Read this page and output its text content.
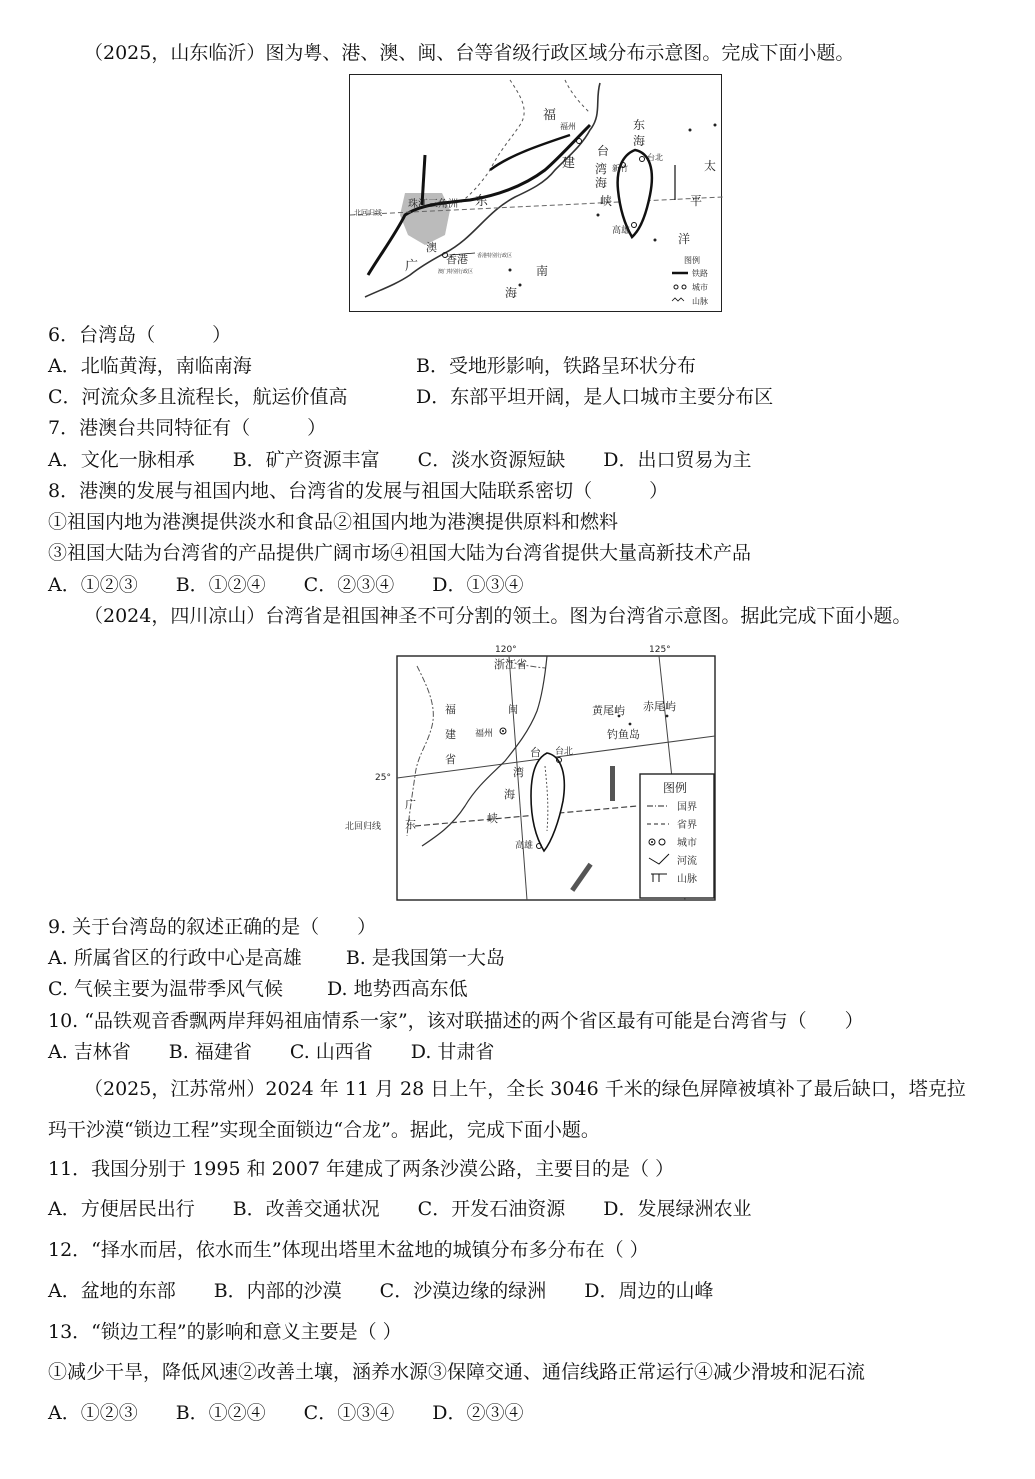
（2025，山东临沂）图为粤、港、澳、闽、台等省级行政区域分布示意图。完成下面小题。
福
建
福州
广
东
珠江三角洲
北回归线
澳
澳门特别行政区
香港 香港特别行政区
东
海
台
湾
海
峡
新竹
台北
高雄
太
平
洋
南
海
图例
铁路
城市
山脉
6．台湾岛（　　　）
A．北临黄海，南临南海	B．受地形影响，铁路呈环状分布
C．河流众多且流程长，航运价值高	D．东部平坦开阔，是人口城市主要分布区
7．港澳台共同特征有（　　　）
A．文化一脉相承　　B．矿产资源丰富　　C．淡水资源短缺　　D．出口贸易为主
8．港澳的发展与祖国内地、台湾省的发展与祖国大陆联系密切（　　　）
①祖国内地为港澳提供淡水和食品②祖国内地为港澳提供原料和燃料
③祖国大陆为台湾省的产品提供广阔市场④祖国大陆为台湾省提供大量高新技术产品
A．①②③　　B．①②④　　C．②③④　　D．①③④
（2024，四川凉山）台湾省是祖国神圣不可分割的领土。图为台湾省示意图。据此完成下面小题。
120°	125°
浙江省
福
建
省
福州
闽
广
东
北回归线
25°
黄尾屿 赤尾屿
钓鱼岛
台
湾
海
峡
台北
高雄
图例
国界
省界
城市
河流
山脉
9. 关于台湾岛的叙述正确的是（　　）
A. 所属省区的行政中心是高雄　　 B. 是我国第一大岛
C. 气候主要为温带季风气候　　 D. 地势西高东低
10. “品铁观音香飘两岸拜妈祖庙情系一家”，该对联描述的两个省区最有可能是台湾省与（　　）
A. 吉林省　　B. 福建省　　C. 山西省　　D. 甘肃省
（2025，江苏常州）2024 年 11 月 28 日上午，全长 3046 千米的绿色屏障被填补了最后缺口，塔克拉
玛干沙漠“锁边工程”实现全面锁边“合龙”。据此，完成下面小题。
11．我国分别于 1995 和 2007 年建成了两条沙漠公路，主要目的是（ ）
A．方便居民出行　　B．改善交通状况　　C．开发石油资源　　D．发展绿洲农业
12．“择水而居，依水而生”体现出塔里木盆地的城镇分布多分布在（ ）
A．盆地的东部　　B．内部的沙漠　　C．沙漠边缘的绿洲　　D．周边的山峰
13．“锁边工程”的影响和意义主要是（ ）
①减少干旱，降低风速②改善土壤，涵养水源③保障交通、通信线路正常运行④减少滑坡和泥石流
A．①②③　　B．①②④　　C．①③④　　D．②③④
